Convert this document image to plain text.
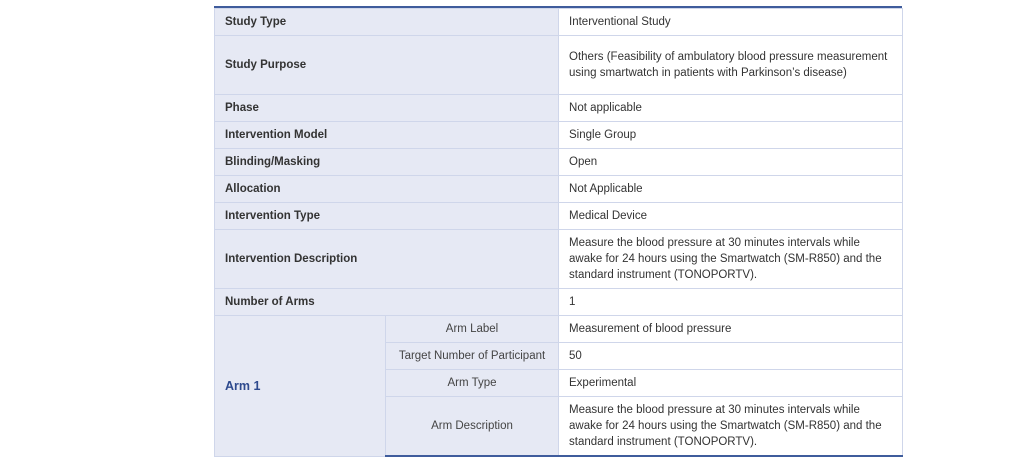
Study Type		Interventional Study
Study Purpose		Others (Feasibility of ambulatory blood pressure measurement using smartwatch in patients with Parkinson’s disease)
Phase		Not applicable
Intervention Model		Single Group
Blinding/Masking		Open
Allocation		Not Applicable
Intervention Type		Medical Device
Intervention Description		Measure the blood pressure at 30 minutes intervals while awake for 24 hours using the Smartwatch (SM-R850) and the standard instrument (TONOPORTV).
Number of Arms		1
Arm 1	Arm Label	Measurement of blood pressure
	Target Number of Participant	50
	Arm Type	Experimental
	Arm Description	Measure the blood pressure at 30 minutes intervals while awake for 24 hours using the Smartwatch (SM-R850) and the standard instrument (TONOPORTV).
